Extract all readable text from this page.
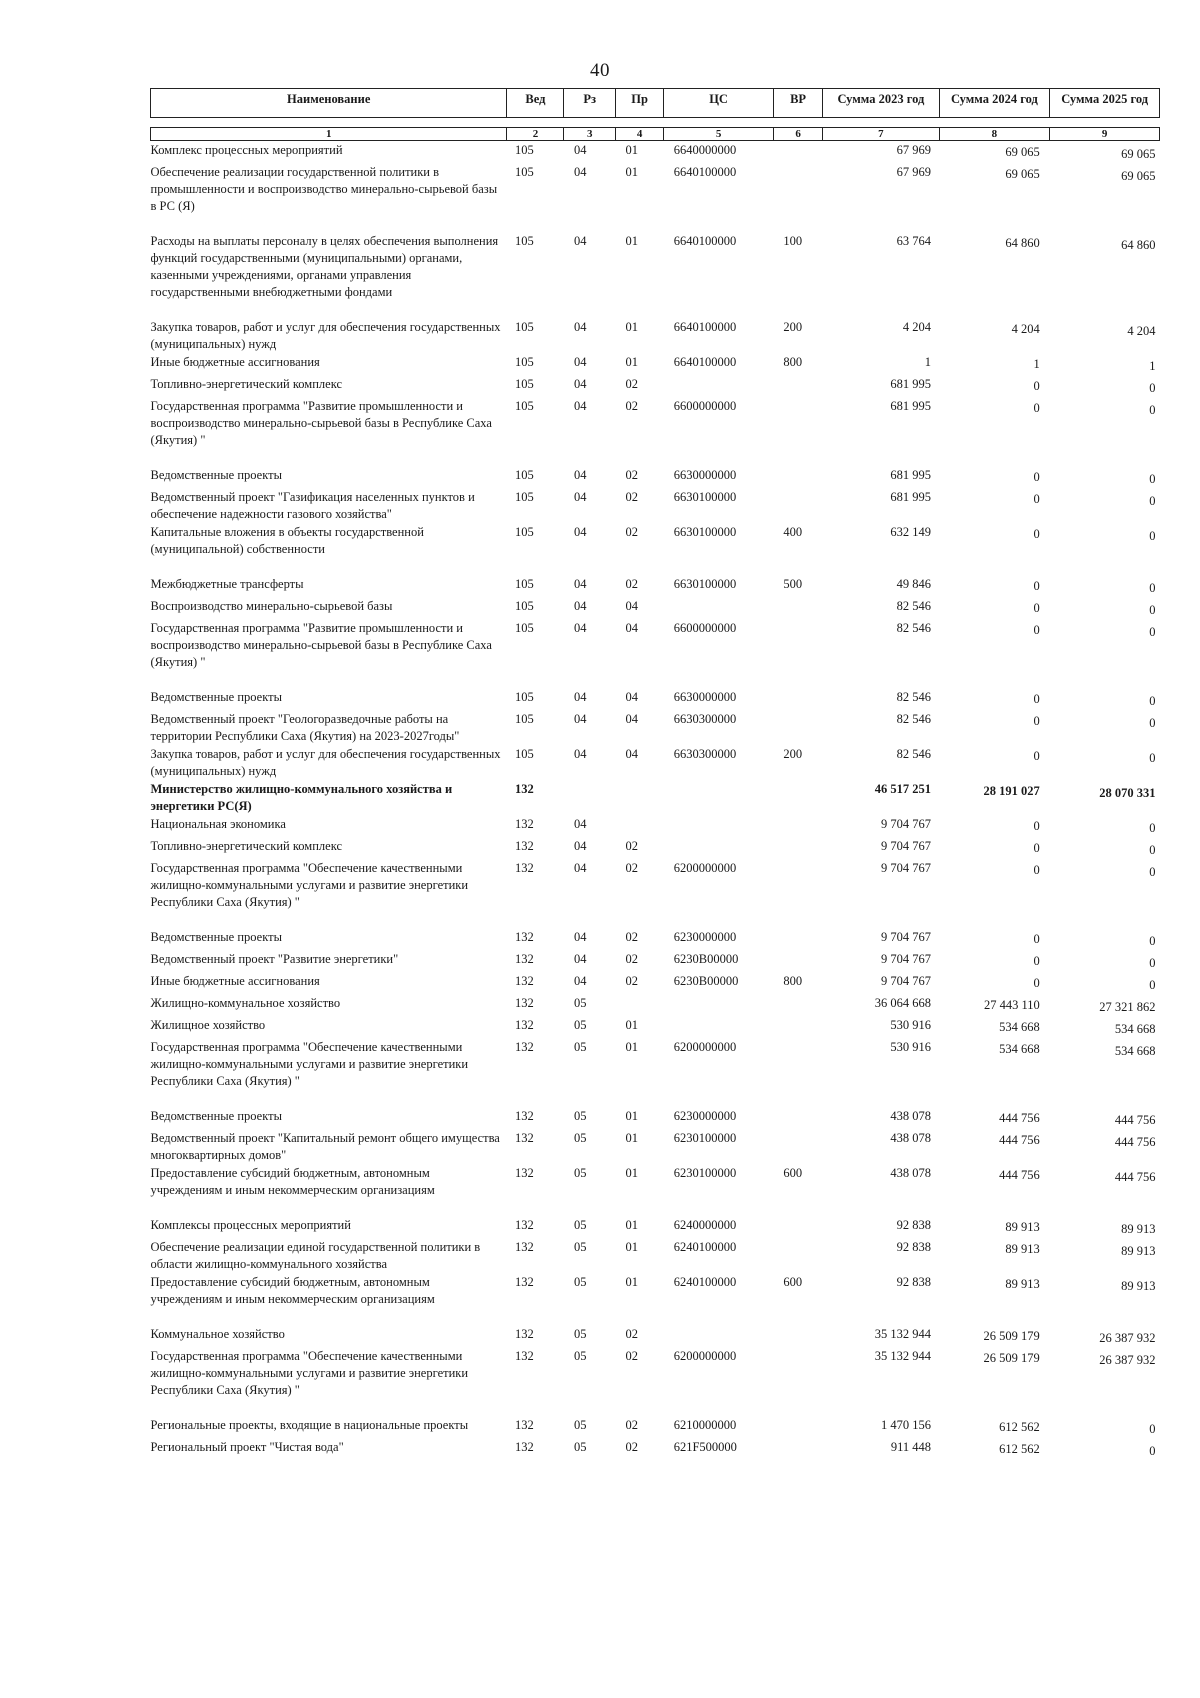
40
Наименование	Вед	Рз	Пр	ЦС	ВР	Сумма 2023 год	Сумма 2024 год	Сумма 2025 год

1	2	3	4	5	6	7	8	9
Комплекс процессных мероприятий	105	04	01	6640000000		67 969	69 065	69 065
Обеспечение реализации государственной политики в промышленности и воспроизводство минерально-сырьевой базы в РС (Я)	105	04	01	6640100000		67 969	69 065	69 065
Расходы на выплаты персоналу в целях обеспечения выполнения функций государственными (муниципальными) органами, казенными учреждениями, органами управления государственными внебюджетными фондами	105	04	01	6640100000	100	63 764	64 860	64 860
Закупка товаров, работ и услуг для обеспечения государственных (муниципальных) нужд	105	04	01	6640100000	200	4 204	4 204	4 204
Иные бюджетные ассигнования	105	04	01	6640100000	800	1	1	1
Топливно-энергетический комплекс	105	04	02			681 995	0	0
Государственная программа "Развитие промышленности и воспроизводство минерально-сырьевой базы в Республике Саха (Якутия) "	105	04	02	6600000000		681 995	0	0
Ведомственные проекты	105	04	02	6630000000		681 995	0	0
Ведомственный проект "Газификация населенных пунктов и обеспечение надежности газового хозяйства"	105	04	02	6630100000		681 995	0	0
Капитальные вложения в объекты государственной (муниципальной) собственности	105	04	02	6630100000	400	632 149	0	0
Межбюджетные трансферты	105	04	02	6630100000	500	49 846	0	0
Воспроизводство минерально-сырьевой базы	105	04	04			82 546	0	0
Государственная программа "Развитие промышленности и воспроизводство минерально-сырьевой базы в Республике Саха (Якутия) "	105	04	04	6600000000		82 546	0	0
Ведомственные проекты	105	04	04	6630000000		82 546	0	0
Ведомственный проект "Геологоразведочные работы на территории Республики Саха (Якутия) на 2023-2027годы"	105	04	04	6630300000		82 546	0	0
Закупка товаров, работ и услуг для обеспечения государственных (муниципальных) нужд	105	04	04	6630300000	200	82 546	0	0
Министерство жилищно-коммунального хозяйства и энергетики РС(Я)	132					46 517 251	28 191 027	28 070 331
Национальная экономика	132	04				9 704 767	0	0
Топливно-энергетический комплекс	132	04	02			9 704 767	0	0
Государственная программа "Обеспечение качественными жилищно-коммунальными услугами и развитие энергетики Республики Саха (Якутия) "	132	04	02	6200000000		9 704 767	0	0
Ведомственные проекты	132	04	02	6230000000		9 704 767	0	0
Ведомственный проект "Развитие энергетики"	132	04	02	6230B00000		9 704 767	0	0
Иные бюджетные ассигнования	132	04	02	6230B00000	800	9 704 767	0	0
Жилищно-коммунальное хозяйство	132	05				36 064 668	27 443 110	27 321 862
Жилищное хозяйство	132	05	01			530 916	534 668	534 668
Государственная программа "Обеспечение качественными жилищно-коммунальными услугами и развитие энергетики Республики Саха (Якутия) "	132	05	01	6200000000		530 916	534 668	534 668
Ведомственные проекты	132	05	01	6230000000		438 078	444 756	444 756
Ведомственный проект "Капитальный ремонт общего имущества многоквартирных домов"	132	05	01	6230100000		438 078	444 756	444 756
Предоставление субсидий бюджетным, автономным учреждениям и иным некоммерческим организациям	132	05	01	6230100000	600	438 078	444 756	444 756
Комплексы процессных мероприятий	132	05	01	6240000000		92 838	89 913	89 913
Обеспечение реализации единой государственной политики в области жилищно-коммунального хозяйства	132	05	01	6240100000		92 838	89 913	89 913
Предоставление субсидий бюджетным, автономным учреждениям и иным некоммерческим организациям	132	05	01	6240100000	600	92 838	89 913	89 913
Коммунальное хозяйство	132	05	02			35 132 944	26 509 179	26 387 932
Государственная программа "Обеспечение качественными жилищно-коммунальными услугами и развитие энергетики Республики Саха (Якутия) "	132	05	02	6200000000		35 132 944	26 509 179	26 387 932
Региональные проекты, входящие в национальные проекты	132	05	02	6210000000		1 470 156	612 562	0
Региональный проект "Чистая вода"	132	05	02	621F500000		911 448	612 562	0
